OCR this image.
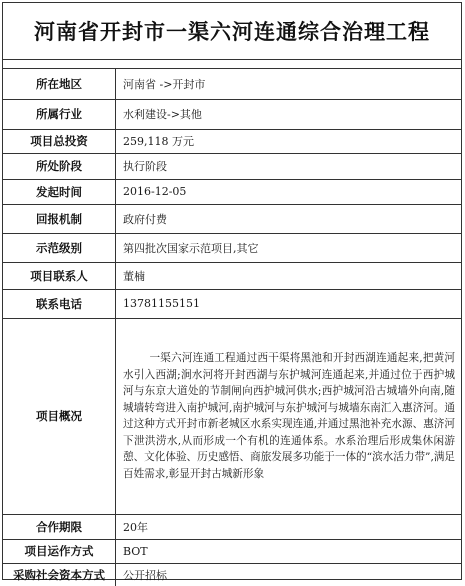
河南省开封市一渠六河连通综合治理工程
所在地区	河南省 ->开封市
所属行业	水利建设->其他
项目总投资	259,118 万元
所处阶段	执行阶段
发起时间	2016-12-05
回报机制	政府付费
示范级别	第四批次国家示范项目,其它
项目联系人	董楠
联系电话	13781155151
项目概况	一渠六河连通工程通过西干渠将黑池和开封西湖连通起来,把黄河水引入西湖;涧水河将开封西湖与东护城河连通起来,并通过位于西护城河与东京大道处的节制闸向西护城河供水;西护城河沿古城墙外向南,随城墙转弯进入南护城河,南护城河与东护城河与城墙东南汇入惠济河。通过这种方式开封市新老城区水系实现连通,并通过黑池补充水源、惠济河下泄洪涝水,从而形成一个有机的连通体系。水系治理后形成集休闲游憩、文化体验、历史感悟、商旅发展多功能于一体的“滨水活力带”,满足百姓需求,彰显开封古城新形象

合作期限	20年
项目运作方式	BOT
采购社会资本方式	公开招标
